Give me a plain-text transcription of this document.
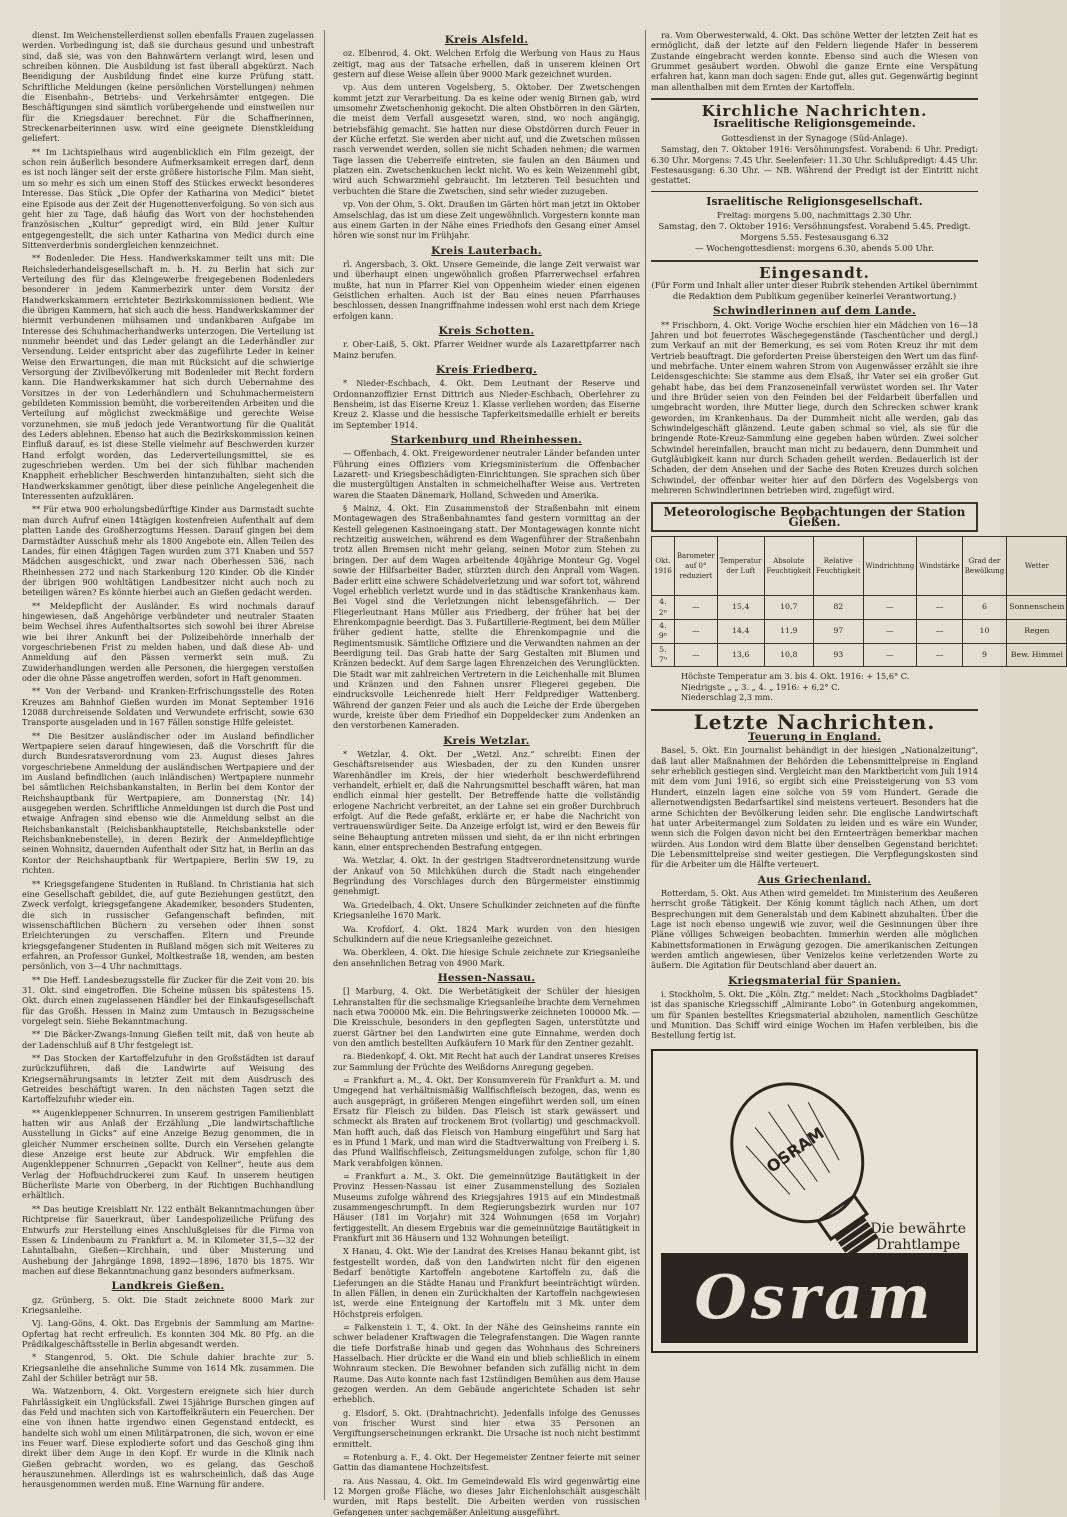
dienst. Im Weichenstellerdienst sollen ebenfalls Frauen zugelassen werden. Vorbedingung ist, daß sie durchaus gesund und unbestraft sind, daß sie, was von den Bahnwärtern verlangt wird, lesen und schreiben können. Die Ausbildung ist fast überall abgekürzt. Nach Beendigung der Ausbildung findet eine kurze Prüfung statt. Schriftliche Meldungen (keine persönlichen Vorstellungen) nehmen die Eisenbahn-, Betriebs- und Verkehrsämter entgegen. Die Beschäftigungen sind sämtlich vorübergehende und einstweilen nur für die Kriegsdauer berechnet. Für die Schaffnerinnen, Streckenarbeiterinnen usw. wird eine geeignete Dienstkleidung geliefert.

** Im Lichtspielhaus wird augenblicklich ein Film gezeigt, der schon rein äußerlich besondere Aufmerksamkeit erregen darf, denn es ist noch länger seit der erste größere historische Film. Man sieht, um so mehr es sich um einen Stoff des Stückes erweckt besonderes Interesse. Das Stück „Die Opfer der Katharina von Medici“ bietet eine Episode aus der Zeit der Hugenottenverfolgung. So von sich aus geht hier zu Tage, daß häufig das Wort von der hochstehenden französischen „Kultur“ gepredigt wird, ein Bild jener Kultur entgegengestellt, die sich unter Katharina von Medici durch eine Sittenverderbnis sondergleichen kennzeichnet.

** Bodenleder. Die Hess. Handwerkskammer teilt uns mit: Die Reichslederhandelsgesellschaft m. b. H. zu Berlin hat sich zur Verteilung des für das Kleingewerbe freigegebenen Bodenleders besonderer in jedem Kammerbezirk unter dem Vorsitz der Handwerkskammern errichteter Bezirkskommissionen bedient. Wie die übrigen Kammern, hat sich auch die hess. Handwerkskammer der hiermit verbundenen mühsamen und undankbaren Aufgabe im Interesse des Schuhmacherhandwerks unterzogen. Die Verteilung ist nunmehr beendet und das Leder gelangt an die Lederhändler zur Versendung. Leider entspricht aber das zugeführte Leder in keiner Weise den Erwartungen, die man mit Rücksicht auf die schwierige Versorgung der Zivilbevölkerung mit Bodenleder mit Recht fordern kann. Die Handwerkskammer hat sich durch Uebernahme des Vorsitzes in der von Lederhändlern und Schuhmachermeistern gebildeten Kommission bemüht, die vorbereitenden Arbeiten und die Verteilung auf möglichst zweckmäßige und gerechte Weise vorzunehmen, sie muß jedoch jede Verantwortung für die Qualität des Leders ablehnen. Ebenso hat auch die Bezirkskommission keinen Einfluß darauf, es ist diese Stelle vielmehr auf Beschwerden kurzer Hand erfolgt worden, das Lederverteilungsmittel, sie es zugeschrieben werden. Um bei der sich fühlbar machenden Knappheit erheblicher Beschwerden hintanzuhalten, sieht sich die Handwerkskammer genötigt, über diese peinliche Angelegenheit die Interessenten aufzuklären.

** Für etwa 900 erholungsbedürftige Kinder aus Darmstadt suchte man durch Aufruf einen 14tägigen kostenfreien Aufenthalt auf dem platten Lande des Großherzogtums Hessen. Darauf gingen bei dem Darmstädter Ausschuß mehr als 1800 Angebote ein. Allen Teilen des Landes, für einen 4tägigen Tagen wurden zum 371 Knaben und 557 Mädchen ausgeschickt, und zwar nach Oberhessen 536, nach Rheinhessen 272 und nach Starkenburg 120 Kinder. Ob die Kinder der übrigen 900 wohltätigen Landbesitzer nicht auch noch zu beteiligen wären? Es könnte hierbei auch an Gießen gedacht werden.

** Meldepflicht der Ausländer. Es wird nochmals darauf hingewiesen, daß Angehörige verbündeter und neutraler Staaten beim Wechsel ihres Aufenthaltsortes sich sowohl bei ihrer Abreise wie bei ihrer Ankunft bei der Polizeibehörde innerhalb der vorgeschriebenen Frist zu melden haben, und daß diese Ab- und Anmeldung auf den Pässen vermerkt sein muß. Zu Zuwiderhandlungen werden alle Personen, die hiergegen verstoßen oder die ohne Pässe angetroffen werden, sofort in Haft genommen.

** Von der Verband- und Kranken-Erfrischungsstelle des Roten Kreuzes am Bahnhof Gießen wurden im Monat September 1916 12088 durchreisende Soldaten und Verwundete erfrischt, sowie 630 Transporte ausgeladen und in 167 Fällen sonstige Hilfe geleistet.

** Die Besitzer ausländischer oder im Ausland befindlicher Wertpapiere seien darauf hingewiesen, daß die Vorschrift für die durch Bundesratsverordnung vom 23. August dieses Jahres vorgeschriebene Anmeldung der ausländischen Wertpapiere und der im Ausland befindlichen (auch inländischen) Wertpapiere nunmehr bei sämtlichen Reichsbankanstalten, in Berlin bei dem Kontor der Reichshauptbank für Wertpapiere, am Donnerstag (Nr. 14) ausgegeben werden. Schriftliche Anmeldungen ist durch die Post und etwaige Anfragen sind ebenso wie die Anmeldung selbst an die Reichsbankanstalt (Reichsbankhauptstelle, Reichsbankstelle oder Reichsbanknebenstelle), in deren Bezirk der Anmeldepflichtige seinen Wohnsitz, dauernden Aufenthalt oder Sitz hat, in Berlin an das Kontor der Reichshauptbank für Wertpapiere, Berlin SW 19, zu richten.

** Kriegsgefangene Studenten in Rußland. In Christiania hat sich eine Gesellschaft gebildet, die, auf gute Beziehungen gestützt, den Zweck verfolgt, kriegsgefangene Akademiker, besonders Studenten, die sich in russischer Gefangenschaft befinden, mit wissenschaftlichen Büchern zu versehen oder ihnen sonst Erleichterungen zu verschaffen. Eltern und Freunde kriegsgefangener Studenten in Rußland mögen sich mit Weiteres zu erfahren, an Professor Gunkel, Moltkestraße 18, wenden, am besten persönlich, von 3—4 Uhr nachmittags.

** Die Heff. Landesbezugsstelle für Zucker für die Zeit vom 20. bis 31. Okt. sind eingetroffen. Die Scheine müssen bis spätestens 15. Okt. durch einen zugelassenen Händler bei der Einkaufsgesellschaft für das Großh. Hessen in Mainz zum Umtausch in Bezugsscheine vorgelegt sein. Siehe Bekanntmachung.

** Die Bäcker-Zwangs-Innung Gießen teilt mit, daß von heute ab der Ladenschluß auf 8 Uhr festgelegt ist.

** Das Stocken der Kartoffelzufuhr in den Großstädten ist darauf zurückzuführen, daß die Landwirte auf Weisung des Kriegsernährungsamts in letzter Zeit mit dem Ausdrusch des Getreides beschäftigt waren. In den nächsten Tagen setzt die Kartoffelzufuhr wieder ein.

** Augenkleppener Schnurren. In unserem gestrigen Familienblatt hatten wir aus Anlaß der Erzählung „Die landwirtschaftliche Ausstellung in Gicks“ auf eine Anzeige Bezug genommen, die in gleicher Nummer erscheinen sollte. Durch ein Versehen gelangte diese Anzeige erst heute zur Abdruck. Wir empfehlen die Augenkleppener Schnurren „Gepackt von Kellner“, heute aus dem Verlag der Hofbuchdruckerei zum Kauf. In unserem heutigen Bücherliste Marie von Oberberg, in der Richtigen Buchhandlung erhältlich.

** Das heutige Kreisblatt Nr. 122 enthält Bekanntmachungen über Richtpreise für Sauerkraut, über Landespolizeiliche Prüfung des Entwurfs zur Herstellung eines Anschlußgleises für die Firma von Essen & Lindenbaum zu Frankfurt a. M. in Kilometer 31,5—32 der Lahntalbahn, Gießen—Kirchhain, und über Musterung und Aushebung der Jahrgänge 1898, 1892—1896, 1870 bis 1875. Wir machen auf diese Bekanntmachung ganz besonders aufmerksam.

Landkreis Gießen.

gz. Grünberg, 5. Okt. Die Stadt zeichnete 8000 Mark zur Kriegsanleihe.

Vj. Lang-Göns, 4. Okt. Das Ergebnis der Sammlung am Marine-Opfertag hat recht erfreulich. Es konnten 304 Mk. 80 Pfg. an die Prädikalgeschäftsstelle in Berlin abgesandt werden.

* Stangenrod, 5. Okt. Die Schule dahier brachte zur 5. Kriegsanleihe die ansehnliche Summe von 1614 Mk. zusammen. Die Zahl der Schüler beträgt nur 58.

Wa. Watzenborn, 4. Okt. Vorgestern ereignete sich hier durch Fahrlässigkeit ein Unglücksfall. Zwei 15jährige Burschen gingen auf das Feld und machten sich von Kartoffelkräutern ein Feuerchen. Der eine von ihnen hatte irgendwo einen Gegenstand entdeckt, es handelte sich wohl um einen Militärpatronen, die sich, wovon er eine ins Feuer warf. Diese explodierte sofort und das Geschoß ging ihm direkt über dem Auge in den Kopf. Er wurde in die Klinik nach Gießen gebracht worden, wo es gelang, das Geschoß herauszunehmen. Allerdings ist es wahrscheinlich, daß das Auge herausgenommen werden muß. Eine Warnung für andere.

Kreis Alsfeld.

oz. Elbenrod, 4. Okt. Welchen Erfolg die Werbung von Haus zu Haus zeitigt, mag aus der Tatsache erhellen, daß in unserem kleinen Ort gestern auf diese Weise allein über 9000 Mark gezeichnet wurden.

vp. Aus dem unteren Vogelsberg, 5. Oktober. Der Zwetschengen kommt jetzt zur Verarbeitung. Da es keine oder wenig Birnen gab, wird umsomehr Zwetschenhonig gekocht. Die alten Obstbörren in den Gärten, die meist dem Verfall ausgesetzt waren, sind, wo noch angängig, betriebsfähig gemacht. Sie hatten nur diese Obstdörren durch Feuer in der Küche erfetzt. Sie werden aber nicht auf, und die Zwetschen müssen rasch verwendet werden, sollen sie nicht Schaden nehmen; die warmen Tage lassen die Ueberreife eintreten, sie faulen an den Bäumen und platzen ein. Zwetschenkuchen leckt nicht. Wo es kein Weizenmehl gibt, wird auch Schwarzmehl gebraucht. Im letzteren Teil besuchten und verbuchten die Stare die Zwetschen, sind sehr wieder zuzugeben.

vp. Von der Ohm, 5. Okt. Draußen im Gärten hört man jetzt im Oktober Amselschlag, das ist um diese Zeit ungewöhnlich. Vorgestern konnte man aus einem Garten in der Nähe eines Friedhofs den Gesang einer Amsel hören wie sonst nur im Frühjahr.

Kreis Lauterbach.

rl. Angersbach, 3. Okt. Unsere Gemeinde, die lange Zeit verwaist war und überhaupt einen ungewöhnlich großen Pfarrerwechsel erfahren mußte, hat nun in Pfarrer Kiel von Oppenheim wieder einen eigenen Geistlichen erhalten. Auch ist der Bau eines neuen Pfarrhauses beschlossen, dessen Inangriffnahme indessen wohl erst nach dem Kriege erfolgen kann.

Kreis Schotten.

r. Ober-Laiß, 5. Okt. Pfarrer Weidner wurde als Lazarettpfarrer nach Mainz berufen.

Kreis Friedberg.

* Nieder-Eschbach, 4. Okt. Dem Leutnant der Reserve und Ordonnanzoffizier Ernst Dittrich aus Nieder-Eschbach, Oberlehrer zu Bensheim, ist das Eiserne Kreuz 1. Klasse verliehen worden; das Eiserne Kreuz 2. Klasse und die hessische Tapferkeitsmedaille erhielt er bereits im September 1914.

Starkenburg und Rheinhessen.

— Offenbach, 4. Okt. Freigewordener neutraler Länder befanden unter Führung eines Offiziers vom Kriegsministerium die Offenbacher Lazarett- und Kriegsbeschädigten-Einrichtungen. Sie sprachen sich über die mustergültigen Anstalten in schmeichelhafter Weise aus. Vertreten waren die Staaten Dänemark, Holland, Schweden und Amerika.

§ Mainz, 4. Okt. Ein Zusammenstoß der Straßenbahn mit einem Montagewagen des Straßenbahnamtes fand gestern vormittag an der Kestell gelegenen Kasinoeingang statt. Der Montagewagen konnte nicht rechtzeitig ausweichen, während es dem Wagenführer der Straßenbahn trotz allen Bremsen nicht mehr gelang, seinen Motor zum Stehen zu bringen. Der auf dem Wagen arbeitende 40jährige Monteur Gg. Vogel sowie der Hilfsarbeiter Bader, stürzten durch den Anprall vom Wagen. Bader erlitt eine schwere Schädelverletzung und war sofort tot, während Vogel erheblich verletzt wurde und in das städtische Krankenhaus kam. Bei Vogel sind die Verletzungen nicht lebensgefährlich. — Der Fliegerleutnant Hans Müller aus Friedberg, der früher hat bei der Ehrenkompagnie beerdigt. Das 3. Fußartillerie-Regiment, bei dem Müller früher gedient hatte, stellte die Ehrenkompagnie und die Regimentsmusik. Sämtliche Offiziere und die Verwandten nahmen an der Beerdigung teil. Das Grab hatte der Sarg Gestalten mit Blumen und Kränzen bedeckt. Auf dem Sarge lagen Ehrenzeichen des Verunglückten. Die Stadt war mit zahlreichen Vertretern in die Leichenhalle mit Blumen und Kränzen und den Fahnen unsrer Fliegerei gegeben. Die eindrucksvolle Leichenrede hielt Herr Feldprediger Wattenberg. Während der ganzen Feier und als auch die Leiche der Erde übergeben wurde, kreiste über dem Friedhof ein Doppeldecker zum Andenken an den verstorbenen Kameraden.

Kreis Wetzlar.

* Wetzlar, 4. Okt. Der „Wetzl. Anz.“ schreibt: Einen der Geschäftsreisender aus Wiesbaden, der zu den Kunden unsrer Warenhändler im Kreis, der hier wiederholt beschwerdeführend verhandelt, erhielt er, daß die Nahrungsmittel beschafft wären, hat man endlich einmal hier gestellt. Der Betreffende hatte die vollständig erlogene Nachricht verbreitet, an der Lahne sei ein großer Durchbruch erfolgt. Auf die Rede gefaßt, erklärte er, er habe die Nachricht von vertrauenswürdiger Seite. Da Anzeige erfolgt ist, wird er den Beweis für seine Behauptung antreten müssen und sieht, da er ihn nicht erbringen kann, einer entsprechenden Bestrafung entgegen.

Wa. Wetzlar, 4. Okt. In der gestrigen Stadtverordnetensitzung wurde der Ankauf von 50 Milchkühen durch die Stadt nach eingehender Begründung des Vorschlages durch den Bürgermeister einstimmig genehmigt.

Wa. Griedelbach, 4. Okt. Unsere Schulkinder zeichneten auf die fünfte Kriegsanleihe 1670 Mark.

Wa. Krofdorf, 4. Okt. 1824 Mark wurden von den hiesigen Schulkindern auf die neue Kriegsanleihe gezeichnet.

Wa. Oberkleen, 4. Okt. Die hiesige Schule zeichnete zur Kriegsanleihe den ansehnlichen Betrag von 4900 Mark.

Hessen-Nassau.

[] Marburg, 4. Okt. Die Werbetätigkeit der Schüler der hiesigen Lehranstalten für die sechsmalige Kriegsanleihe brachte dem Vernehmen nach etwa 700000 Mk. ein. Die Behringswerke zeichneten 100000 Mk. — Die Kreisschule, besonders in den gepflegten Sagen, unterstützte und zuerst Gärtner bei den Landwirten eine gute Einnahme, werden doch von den amtlich bestellten Aufkäufern 10 Mark für den Zentner gezahlt.

ra. Biedenkopf, 4. Okt. Mit Recht hat auch der Landrat unseres Kreises zur Sammlung der Früchte des Weißdorns Anregung gegeben.

= Frankfurt a. M., 4. Okt. Der Konsumverein für Frankfurt a. M. und Umgegend hat verhältnismäßig Wallfischfleisch bezogen, das, wenn es auch ausgeprägt, in größeren Mengen eingeführt werden soll, um einen Ersatz für Fleisch zu bilden. Das Fleisch ist stark gewässert und schmeckt als Braten auf trockenem Brot (vollartig) und geschmackvoll. Man hofft auch, daß das Fleisch von Hamburg eingeführt und Sarg hat es in Pfund 1 Mark, und man wird die Stadtverwaltung von Freiberg i. S. das Pfund Wallfischfleisch, Zeitungsmeldungen zufolge, schon für 1,80 Mark verabfolgen können.

= Frankfurt a. M., 3. Okt. Die gemeinnützige Bautätigkeit in der Provinz Hessen-Nassau ist einer Zusammenstellung des Sozialen Museums zufolge während des Kriegsjahres 1915 auf ein Mindestmaß zusammengeschrumpft. In dem Regierungsbezirk wurden nur 107 Häuser (181 im Vorjahr) mit 324 Wohnungen (658 im Vorjahr) fertiggestellt. An diesem Ergebnis war die gemeinnützige Bautätigkeit in Frankfurt mit 36 Häusern und 132 Wohnungen beteiligt.

X Hanau, 4. Okt. Wie der Landrat des Kreises Hanau bekannt gibt, ist festgestellt worden, daß von den Landwirten nicht für den eigenen Bedarf benötigte Kartoffeln angebotene Kartoffeln zu, daß die Lieferungen an die Städte Hanau und Frankfurt beeinträchtigt würden. In allen Fällen, in denen ein Zurückhalten der Kartoffeln nachgewiesen ist, werde eine Enteignung der Kartoffeln mit 3 Mk. unter dem Höchstpreis erfolgen.

= Falkenstein i. T., 4. Okt. In der Nähe des Geinsheims rannte ein schwer beladener Kraftwagen die Telegrafenstangen. Die Wagen rannte die tiefe Dorfstraße hinab und gegen das Wohnhaus des Schreiners Hasselbach. Hier drückte er die Wand ein und blieb schließlich in einem Wohnraum stecken. Die Bewohner befanden sich zufällig nicht in dem Raume. Das Auto konnte nach fast 12stündigen Bemühen aus dem Hause gezogen werden. An dem Gebäude angerichtete Schaden ist sehr erheblich.

g. Elsdorf, 5. Okt. (Drahtnachricht). Jedenfalls infolge des Genusses von frischer Wurst sind hier etwa 35 Personen an Vergiftungserscheinungen erkrankt. Die Ursache ist noch nicht bestimmt ermittelt.

= Rotenburg a. F., 4. Okt. Der Hegemeister Zentner feierte mit seiner Gattin das diamantene Hochzeitsfest.

ra. Aus Nassau, 4. Okt. Im Gemeindewald Els wird gegenwärtig eine 12 Morgen große Fläche, wo dieses Jahr Eichenlohschält ausgeschält wurden, mit Raps bestellt. Die Arbeiten werden von russischen Gefangenen unter sachgemäßer Anleitung ausgeführt.

ra. Vom Oberwesterwald, 4. Okt. Das schöne Wetter der letzten Zeit hat es ermöglicht, daß der letzte auf den Feldern liegende Hafer in besserem Zustande eingebracht werden konnte. Ebenso sind auch die Wiesen von Grummet gesäubert worden. Obwohl die ganze Ernte eine Verspätung erfahren hat, kann man doch sagen: Ende gut, alles gut. Gegenwärtig beginnt man allenthalben mit dem Ernten der Kartoffeln.

Kirchliche Nachrichten.
Israelitische Religionsgemeinde.
Gottesdienst in der Synagoge (Süd-Anlage).

Samstag, den 7. Oktober 1916: Versöhnungsfest. Vorabend: 6 Uhr. Predigt: 6.30 Uhr. Morgens: 7.45 Uhr. Seelenfeier: 11.30 Uhr. Schlußpredigt: 4.45 Uhr. Festesausgang: 6.30 Uhr. — NB. Während der Predigt ist der Eintritt nicht gestattet.

Israelitische Religionsgesellschaft.
Freitag: morgens 5.00, nachmittags 2.30 Uhr.
Samstag, den 7. Oktober 1916: Versöhnungsfest. Vorabend 5.45. Predigt. Morgens 5.55. Festesausgang 6.32
— Wochengottesdienst: morgens 6.30, abends 5.00 Uhr.
Eingesandt.
(Für Form und Inhalt aller unter dieser Rubrik stehenden Artikel übernimmt die Redaktion dem Publikum gegenüber keinerlei Verantwortung.)
Schwindlerinnen auf dem Lande.

** Frischborn, 4. Okt. Vorige Woche erschien hier ein Mädchen von 16—18 Jahren und bot feuerrotes Wäschegegenstände (Taschentücher und dergl.) zum Verkauf an mit der Bemerkung, es sei vom Roten Kreuz ihr mit dem Vertrieb beauftragt. Die geforderten Preise übersteigen den Wert um das fünf- und mehrfache. Unter einem wahren Strom von Augenwässer erzählt sie ihre Leidensgeschichte: Sie stamme aus dem Elsaß, ihr Vater sei ein großer Gut gehabt habe, das bei dem Franzoseneinfall verwüstet worden sei. Ihr Vater und ihre Brüder seien von den Feinden bei der Feldarbeit überfallen und umgebracht worden, ihre Mutter liege, durch den Schrecken schwer krank geworden, im Krankenhaus. Da der Dummheit nicht alle werden, gab das Schwindelgeschäft glänzend. Leute gaben schmal so viel, als sie für die bringende Rote-Kreuz-Sammlung eine gegeben haben würden. Zwei solcher Schwindel hereinfallen, braucht man nicht zu bedauern, denn Dummheit und Gutgläubigkeit kann nur durch Schaden geheilt werden. Bedauerlich ist der Schaden, der dem Ansehen und der Sache des Roten Kreuzes durch solchen Schwindel, der offenbar weiter hier auf den Dörfern des Vogelsbergs von mehreren Schwindlerinnen betrieben wird, zugefügt wird.

Meteorologische Beobachtungen der Station Gießen.
Okt. 1916	Barometer auf 0° reduziert	Temperatur der Luft	Absolute Feuchtigkeit	Relative Feuchtigkeit	Windrichtung	Windstärke	Grad der Bewölkung	Wetter
4. 2ⁿ	—	15,4	10,7	82	—	—	6	Sonnenschein
4. 9ⁿ	—	14,4	11,9	97	—	—	10	Regen
5. 7ᵘ	—	13,6	10,8	93	—	—	9	Bew. Himmel
Höchste Temperatur am 3. bis 4. Okt. 1916: + 15,6° C.
Niedrigste „ „ 3. „ 4. „ 1916: + 6,2° C.
Niederschlag 2,3 mm.
Letzte Nachrichten.
Teuerung in England.

Basel, 5. Okt. Ein Journalist behändigt in der hiesigen „Nationalzeitung“, daß laut aller Maßnahmen der Behörden die Lebensmittelpreise in England sehr erheblich gestiegen sind. Vergleicht man den Marktbericht vom Juli 1914 mit dem vom Juni 1916, so ergibt sich eine Preissteigerung von 53 vom Hundert, einzeln lagen eine solche von 59 vom Hundert. Gerade die allernotwendigsten Bedarfsartikel sind meistens verteuert. Besonders hat die arme Schichten der Bevölkerung leiden sehr. Die englische Landwirtschaft hat unter Arbeitermangel zum Soldaten zu leiden und es wäre ein Wunder, wenn sich die Folgen davon nicht bei den Ernteerträgen bemerkbar machen würden. Aus London wird dem Blatte über denselben Gegenstand berichtet: Die Lebensmittelpreise sind weiter gestiegen. Die Verpflegungskosten sind für die Arbeiter um die Hälfte verteuert.

Aus Griechenland.

Rotterdam, 5. Okt. Aus Athen wird gemeldet: Im Ministerium des Aeußeren herrscht große Tätigkeit. Der König kommt täglich nach Athen, um dort Besprechungen mit dem Generalstab und dem Kabinett abzuhalten. Über die Lage ist noch ebenso ungewiß wie zuvor, weil die Gesinnungen über ihre Pläne völliges Schweigen beobachten. Immerhin werden alle möglichen Kabinettsformationen in Erwägung gezogen. Die amerikanischen Zeitungen werden amtlich angewiesen, über Venizelos keine verletzenden Worte zu äußern. Die Agitation für Deutschland aber dauert an.

Kriegsmaterial für Spanien.

i. Stockholm, 5. Okt. Die „Köln. Ztg.“ meldet: Nach „Stockholms Dagbladet“ ist das spanische Kriegsschiff „Almirante Lobo“ in Gotenburg angekommen, um für Spanien bestelltes Kriegsmaterial abzuholen, namentlich Geschütze und Munition. Das Schiff wird einige Wochen im Hafen verbleiben, bis die Bestellung fertig ist.

OSRAM
Die bewährte
Drahtlampe
Osram
